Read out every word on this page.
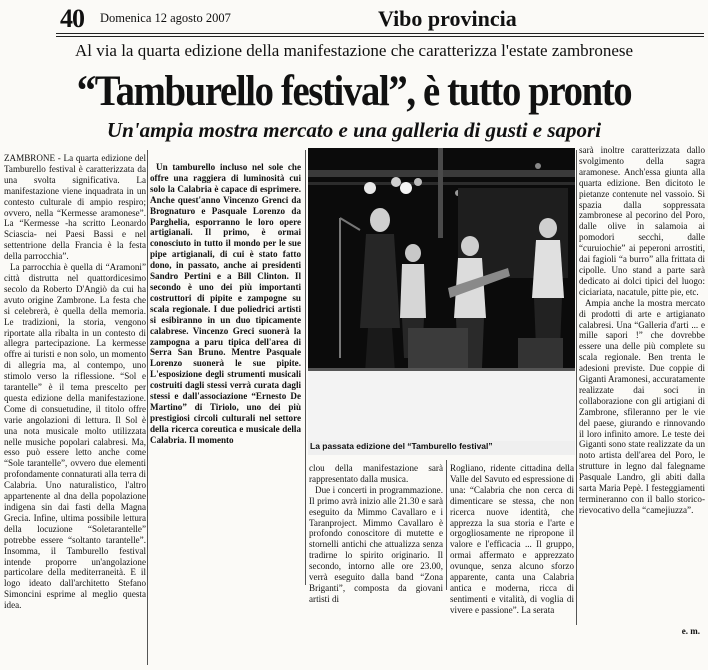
40 Domenica 12 agosto 2007	Vibo provincia
Al via la quarta edizione della manifestazione che caratterizza l'estate zambronese
“Tamburello festival”, è tutto pronto
Un'ampia mostra mercato e una galleria di gusti e sapori

ZAMBRONE - La quarta edizione del Tamburello festival è caratterizzata da una svolta significativa. La manifestazione viene inquadrata in un contesto culturale di ampio respiro; ovvero, nella “Kermesse aramonese”. La “Kermesse -ha scritto Leonardo Sciascia- nei Paesi Bassi e nel settentrione della Francia è la festa della parrocchia”.

La parrocchia è quella di “Aramoni” città distrutta nel quattordicesimo secolo da Roberto D'Angiò da cui ha avuto origine Zambrone. La festa che si celebrerà, è quella della memoria. Le tradizioni, la storia, vengono riportate alla ribalta in un contesto di allegra partecipazione. La kermesse offre ai turisti e non solo, un momento di allegria ma, al contempo, uno stimolo verso la riflessione. “Sol e tarantelle” è il tema prescelto per questa edizione della manifestazione. Come di consuetudine, il titolo offre varie angolazioni di lettura. Il Sol è una nota musicale molto utilizzata nelle musiche popolari calabresi. Ma, esso può essere letto anche come “Sole tarantelle”, ovvero due elementi profondamente connaturati alla terra di Calabria. Uno naturalistico, l'altro appartenente al dna della popolazione indigena sin dai fasti della Magna Grecia. Infine, ultima possibile lettura della locuzione “Soletarantelle” potrebbe essere “soltanto tarantelle”. Insomma, il Tamburello festival intende proporre un'angolazione particolare della mediterraneità. E il logo ideato dall'architetto Stefano Simoncini esprime al meglio questa idea.

Un tamburello incluso nel sole che offre una raggiera di luminosità cui solo la Calabria è capace di esprimere. Anche quest'anno Vincenzo Grenci da Brognaturo e Pasquale Lorenzo da Parghelia, esporranno le loro opere artigianali. Il primo, è ormai conosciuto in tutto il mondo per le sue pipe artigianali, di cui è stato fatto dono, in passato, anche ai presidenti Sandro Pertini e a Bill Clinton. Il secondo è uno dei più importanti costruttori di pipite e zampogne su scala regionale. I due poliedrici artisti si esibiranno in un duo tipicamente calabrese. Vincenzo Greci suonerà la zampogna a paru tipica dell'area di Serra San Bruno. Mentre Pasquale Lorenzo suonerà le sue pipite. L'esposizione degli strumenti musicali costruiti dagli stessi verrà curata dagli stessi e dall'associazione “Ernesto De Martino” di Tiriolo, uno dei più prestigiosi circoli culturali nel settore della ricerca coreutica e musicale della Calabria. Il momento

La passata edizione del “Tamburello festival”

clou della manifestazione sarà rappresentato dalla musica.

Due i concerti in programmazione. Il primo avrà inizio alle 21.30 e sarà eseguito da Mimmo Cavallaro e i Taranproject. Mimmo Cavallaro è profondo conoscitore di mutette e stornelli antichi che attualizza senza tradirne lo spirito originario. Il secondo, intorno alle ore 23.00, verrà eseguito dalla band “Zona Briganti”, composta da giovani artisti di

Rogliano, ridente cittadina della Valle del Savuto ed espressione di una: “Calabria che non cerca di dimenticare se stessa, che non ricerca nuove identità, che apprezza la sua storia e l'arte e orgogliosamente ne ripropone il valore e l'efficacia ... Il gruppo, ormai affermato e apprezzato ovunque, senza alcuno sforzo apparente, canta una Calabria antica e moderna, ricca di sentimenti e vitalità, di voglia di vivere e passione”. La serata

sarà inoltre caratterizzata dallo svolgimento della sagra aramonese. Anch'essa giunta alla quarta edizione. Ben dicitoto le pietanze contenute nel vassoio. Si spazia dalla soppressata zambronese al pecorino del Poro, dalle olive in salamoia ai pomodori secchi, dalle “curuiochie” ai peperoni arrostiti, dai fagioli “a burro” alla frittata di cipolle. Uno stand a parte sarà dedicato ai dolci tipici del luogo: ciciariata, nacatule, pitte pie, etc.

Ampia anche la mostra mercato di prodotti di arte e artigianato calabresi. Una “Galleria d'arti ... e mille sapori !” che dovrebbe essere una delle più complete su scala regionale. Ben trenta le adesioni previste. Due coppie di Giganti Aramonesi, accuratamente realizzate dai soci in collaborazione con gli artigiani di Zambrone, sfileranno per le vie del paese, giurando e rinnovando il loro infinito amore. Le teste dei Giganti sono state realizzate da un noto artista dell'area del Poro, le strutture in legno dal falegname Pasquale Landro, gli abiti dalla sarta Maria Pepè. I festeggiamenti termineranno con il ballo storico-rievocativo della “camejiuzza”.

e. m.
